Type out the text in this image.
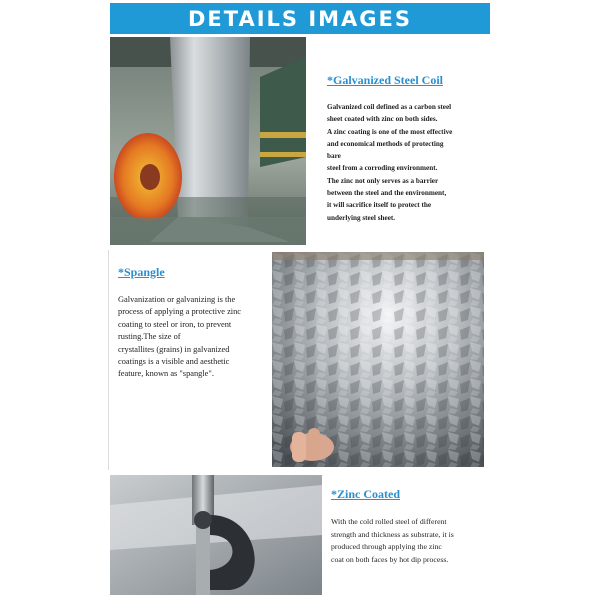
DETAILS IMAGES
*Galvanized Steel Coil
Galvanized coil defined as a carbon steel
sheet coated with zinc on both sides.
A zinc coating is one of the most effective
and economical methods of protecting
bare
steel from a corroding environment.
The zinc not only serves as a barrier
between the steel and the environment,
it will sacrifice itself to protect the
underlying steel sheet.
*Spangle
Galvanization or galvanizing is the
process of applying a protective zinc
coating to steel or iron, to prevent
rusting.The size of
crystallites (grains) in galvanized
coatings is a visible and aesthetic
feature, known as "spangle".
*Zinc Coated
With the cold rolled steel of different
strength and thickness as substrate, it is
produced through applying the zinc
coat on both faces by hot dip process.
